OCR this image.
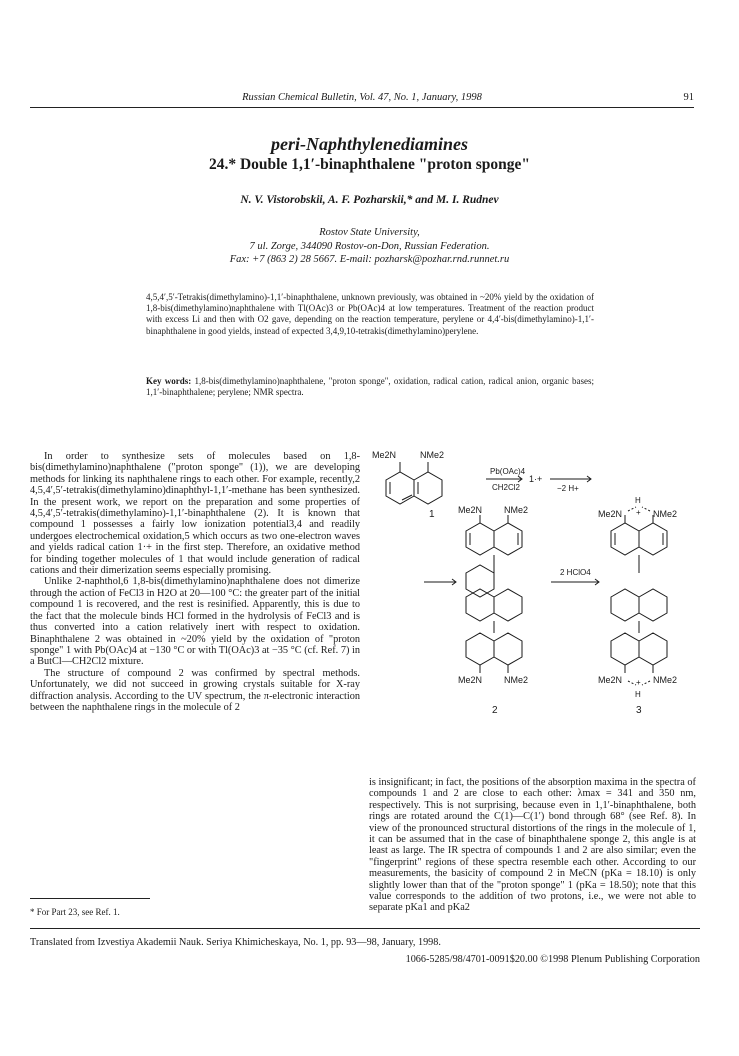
Russian Chemical Bulletin, Vol. 47, No. 1, January, 1998	91
peri-Naphthylenediamines
24.* Double 1,1′-binaphthalene "proton sponge"
N. V. Vistorobskii, A. F. Pozharskii,* and M. I. Rudnev
Rostov State University,
7 ul. Zorge, 344090 Rostov-on-Don, Russian Federation.
Fax: +7 (863 2) 28 5667. E-mail: pozharsk@pozhar.rnd.runnet.ru
4,5,4′,5′-Tetrakis(dimethylamino)-1,1′-binaphthalene, unknown previously, was obtained in ~20% yield by the oxidation of 1,8-bis(dimethylamino)naphthalene with Tl(OAc)3 or Pb(OAc)4 at low temperatures. Treatment of the reaction product with excess Li and then with O2 gave, depending on the reaction temperature, perylene or 4,4′-bis(dimethylamino)-1,1′-binaphthalene in good yields, instead of expected 3,4,9,10-tetrakis(dimethylamino)perylene.
Key words: 1,8-bis(dimethylamino)naphthalene, "proton sponge", oxidation, radical cation, radical anion, organic bases; 1,1′-binaphthalene; perylene; NMR spectra.

In order to synthesize sets of molecules based on 1,8-bis(dimethylamino)naphthalene ("proton sponge" (1)), we are developing methods for linking its naphthalene rings to each other. For example, recently,2 4,5,4′,5′-tetrakis(dimethylamino)dinaphthyl-1,1′-methane has been synthesized. In the present work, we report on the preparation and some properties of 4,5,4′,5′-tetrakis(dimethylamino)-1,1′-binaphthalene (2). It is known that compound 1 possesses a fairly low ionization potential3,4 and readily undergoes electrochemical oxidation,5 which occurs as two one-electron waves and yields radical cation 1·+ in the first step. Therefore, an oxidative method for binding together molecules of 1 that would include generation of radical cations and their dimerization seems especially promising.

Unlike 2-naphthol,6 1,8-bis(dimethylamino)naphthalene does not dimerize through the action of FeCl3 in H2O at 20—100 °C: the greater part of the initial compound 1 is recovered, and the rest is resinified. Apparently, this is due to the fact that the molecule binds HCl formed in the hydrolysis of FeCl3 and is thus converted into a cation relatively inert with respect to oxidation. Binaphthalene 2 was obtained in ~20% yield by the oxidation of "proton sponge" 1 with Pb(OAc)4 at −130 °C or with Tl(OAc)3 at −35 °C (cf. Ref. 7) in a ButCl—CH2Cl2 mixture.

The structure of compound 2 was confirmed by spectral methods. Unfortunately, we did not succeed in growing crystals suitable for X-ray diffraction analysis. According to the UV spectrum, the π-electronic interaction between the naphthalene rings in the molecule of 2

is insignificant; in fact, the positions of the absorption maxima in the spectra of compounds 1 and 2 are close to each other: λmax = 341 and 350 nm, respectively. This is not surprising, because even in 1,1′-binaphthalene, both rings are rotated around the C(1)—C(1′) bond through 68° (see Ref. 8). In view of the pronounced structural distortions of the rings in the molecule of 1, it can be assumed that in the case of binaphthalene sponge 2, this angle is at least as large. The IR spectra of compounds 1 and 2 are also similar; even the "fingerprint" regions of these spectra resemble each other. According to our measurements, the basicity of compound 2 in MeCN (pKa = 18.10) is only slightly lower than that of the "proton sponge" 1 (pKa = 18.50); note that this value corresponds to the addition of two protons, i.e., we were not able to separate pKa1 and pKa2

* For Part 23, see Ref. 1.
Translated from Izvestiya Akademii Nauk. Seriya Khimicheskaya, No. 1, pp. 93—98, January, 1998.
1066-5285/98/4701-0091$20.00 ©1998 Plenum Publishing Corporation
Me2N	NMe2
Pb(OAc)4
CH2Cl2
1·+
−2 H+
1	Me2N NMe2
Me2N NMe2
2 HClO4
2
H
+
Me2N	NMe2
Me2N	NMe2
+
H
3
